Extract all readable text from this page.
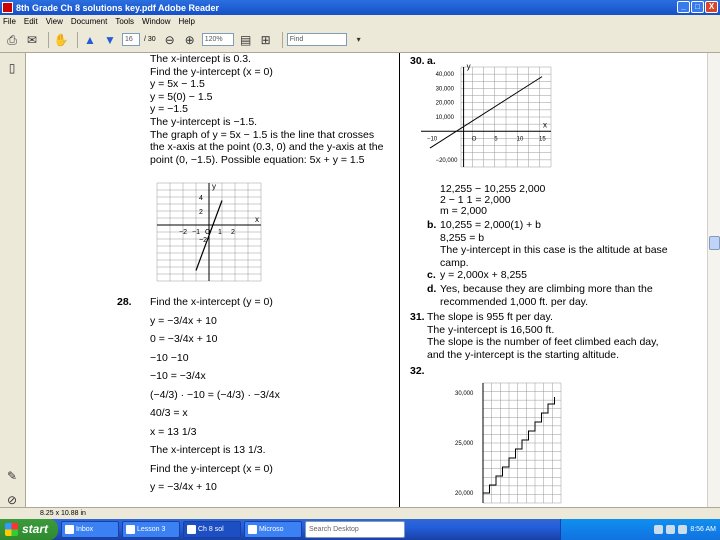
8th Grade Ch 8 solutions key.pdf Adobe Reader	_	□	X
File Edit View Document Tools Window Help
⎙ ✉ ✋ ▲ ▼	16	/ 30 ⊖ ⊕	120%	▤ ⊞	Find	▾
▯
✎
⊘
The x-intercept is 0.3.
Find the y-intercept (x = 0)
y = 5x − 1.5
y = 5(0) − 1.5
y = −1.5
The y-intercept is −1.5.
The graph of y = 5x − 1.5 is the line that crosses
the x-axis at the point (0.3, 0) and the y-axis at the
point (0, −1.5). Possible equation: 5x + y = 1.5
−1
−2	O 1 2
4
2
−2
x
y
28. Find the x-intercept (y = 0)
y = −3/4x + 10
0 = −3/4x + 10
−10 −10
−10 = −3/4x
(−4/3) · −10 = (−4/3) · −3/4x
40/3 = x
x = 13 1/3
The x-intercept is 13 1/3.
Find the y-intercept (x = 0)
y = −3/4x + 10
30. a.
40,000
30,000
20,000
10,000
−20,000
−10	O	5	10	15
x
y
12,255 − 10,255 2,000
2 − 1 1 = 2,000
m = 2,000
b. 10,255 = 2,000(1) + b
8,255 = b
The y-intercept in this case is the altitude at base
camp.
c. y = 2,000x + 8,255
d. Yes, because they are climbing more than the
recommended 1,000 ft. per day.
31. The slope is 955 ft per day.
The y-intercept is 16,500 ft.
The slope is the number of feet climbed each day,
and the y-intercept is the starting altitude.
32.
30,000
25,000
20,000
8.25 x 10.88 in
start	Inbox	Lesson 3	Ch 8 sol	Microso	Search Desktop	8:56 AM
